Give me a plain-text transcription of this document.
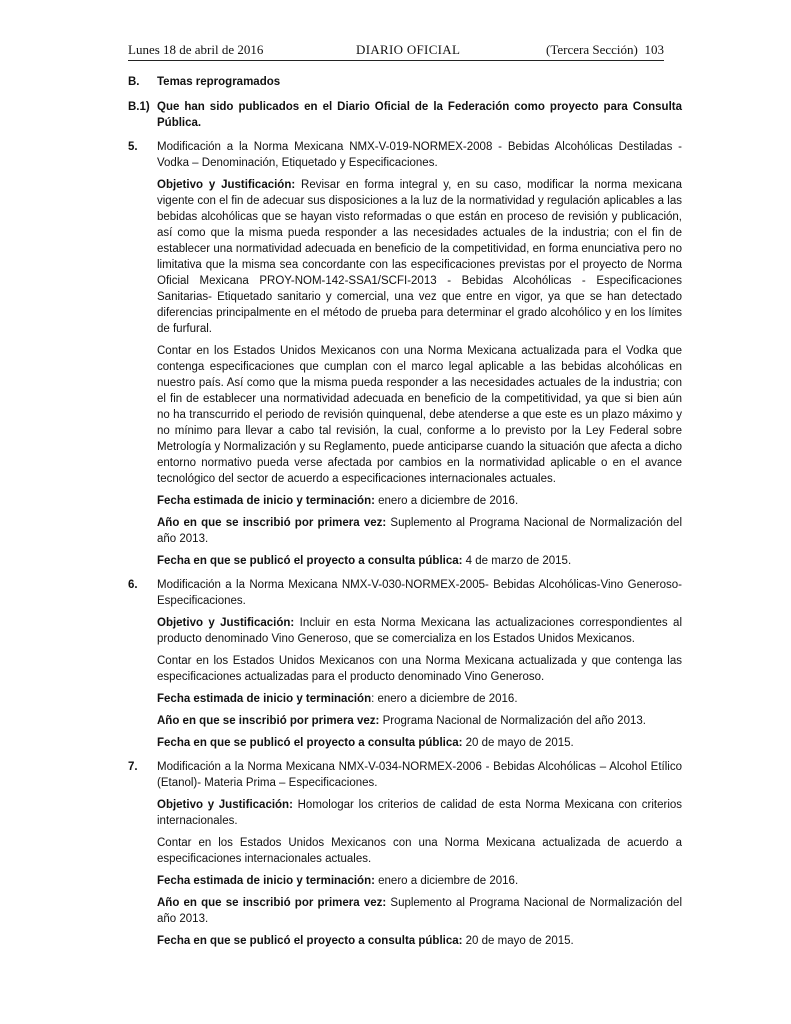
Lunes 18 de abril de 2016	DIARIO OFICIAL	(Tercera Sección) 103
B. Temas reprogramados
B.1) Que han sido publicados en el Diario Oficial de la Federación como proyecto para Consulta Pública.
5. Modificación a la Norma Mexicana NMX-V-019-NORMEX-2008 - Bebidas Alcohólicas Destiladas - Vodka – Denominación, Etiquetado y Especificaciones.

Objetivo y Justificación: Revisar en forma integral y, en su caso, modificar la norma mexicana vigente con el fin de adecuar sus disposiciones a la luz de la normatividad y regulación aplicables a las bebidas alcohólicas que se hayan visto reformadas o que están en proceso de revisión y publicación, así como que la misma pueda responder a las necesidades actuales de la industria; con el fin de establecer una normatividad adecuada en beneficio de la competitividad, en forma enunciativa pero no limitativa que la misma sea concordante con las especificaciones previstas por el proyecto de Norma Oficial Mexicana PROY-NOM-142-SSA1/SCFI-2013 - Bebidas Alcohólicas - Especificaciones Sanitarias- Etiquetado sanitario y comercial, una vez que entre en vigor, ya que se han detectado diferencias principalmente en el método de prueba para determinar el grado alcohólico y en los límites de furfural.

Contar en los Estados Unidos Mexicanos con una Norma Mexicana actualizada para el Vodka que contenga especificaciones que cumplan con el marco legal aplicable a las bebidas alcohólicas en nuestro país. Así como que la misma pueda responder a las necesidades actuales de la industria; con el fin de establecer una normatividad adecuada en beneficio de la competitividad, ya que si bien aún no ha transcurrido el periodo de revisión quinquenal, debe atenderse a que este es un plazo máximo y no mínimo para llevar a cabo tal revisión, la cual, conforme a lo previsto por la Ley Federal sobre Metrología y Normalización y su Reglamento, puede anticiparse cuando la situación que afecta a dicho entorno normativo pueda verse afectada por cambios en la normatividad aplicable o en el avance tecnológico del sector de acuerdo a especificaciones internacionales actuales.

Fecha estimada de inicio y terminación: enero a diciembre de 2016.

Año en que se inscribió por primera vez: Suplemento al Programa Nacional de Normalización del año 2013.

Fecha en que se publicó el proyecto a consulta pública: 4 de marzo de 2015.

6. Modificación a la Norma Mexicana NMX-V-030-NORMEX-2005- Bebidas Alcohólicas-Vino Generoso- Especificaciones.

Objetivo y Justificación: Incluir en esta Norma Mexicana las actualizaciones correspondientes al producto denominado Vino Generoso, que se comercializa en los Estados Unidos Mexicanos.

Contar en los Estados Unidos Mexicanos con una Norma Mexicana actualizada y que contenga las especificaciones actualizadas para el producto denominado Vino Generoso.

Fecha estimada de inicio y terminación: enero a diciembre de 2016.

Año en que se inscribió por primera vez: Programa Nacional de Normalización del año 2013.

Fecha en que se publicó el proyecto a consulta pública: 20 de mayo de 2015.

7. Modificación a la Norma Mexicana NMX-V-034-NORMEX-2006 - Bebidas Alcohólicas – Alcohol Etílico (Etanol)- Materia Prima – Especificaciones.

Objetivo y Justificación: Homologar los criterios de calidad de esta Norma Mexicana con criterios internacionales.

Contar en los Estados Unidos Mexicanos con una Norma Mexicana actualizada de acuerdo a especificaciones internacionales actuales.

Fecha estimada de inicio y terminación: enero a diciembre de 2016.

Año en que se inscribió por primera vez: Suplemento al Programa Nacional de Normalización del año 2013.

Fecha en que se publicó el proyecto a consulta pública: 20 de mayo de 2015.
